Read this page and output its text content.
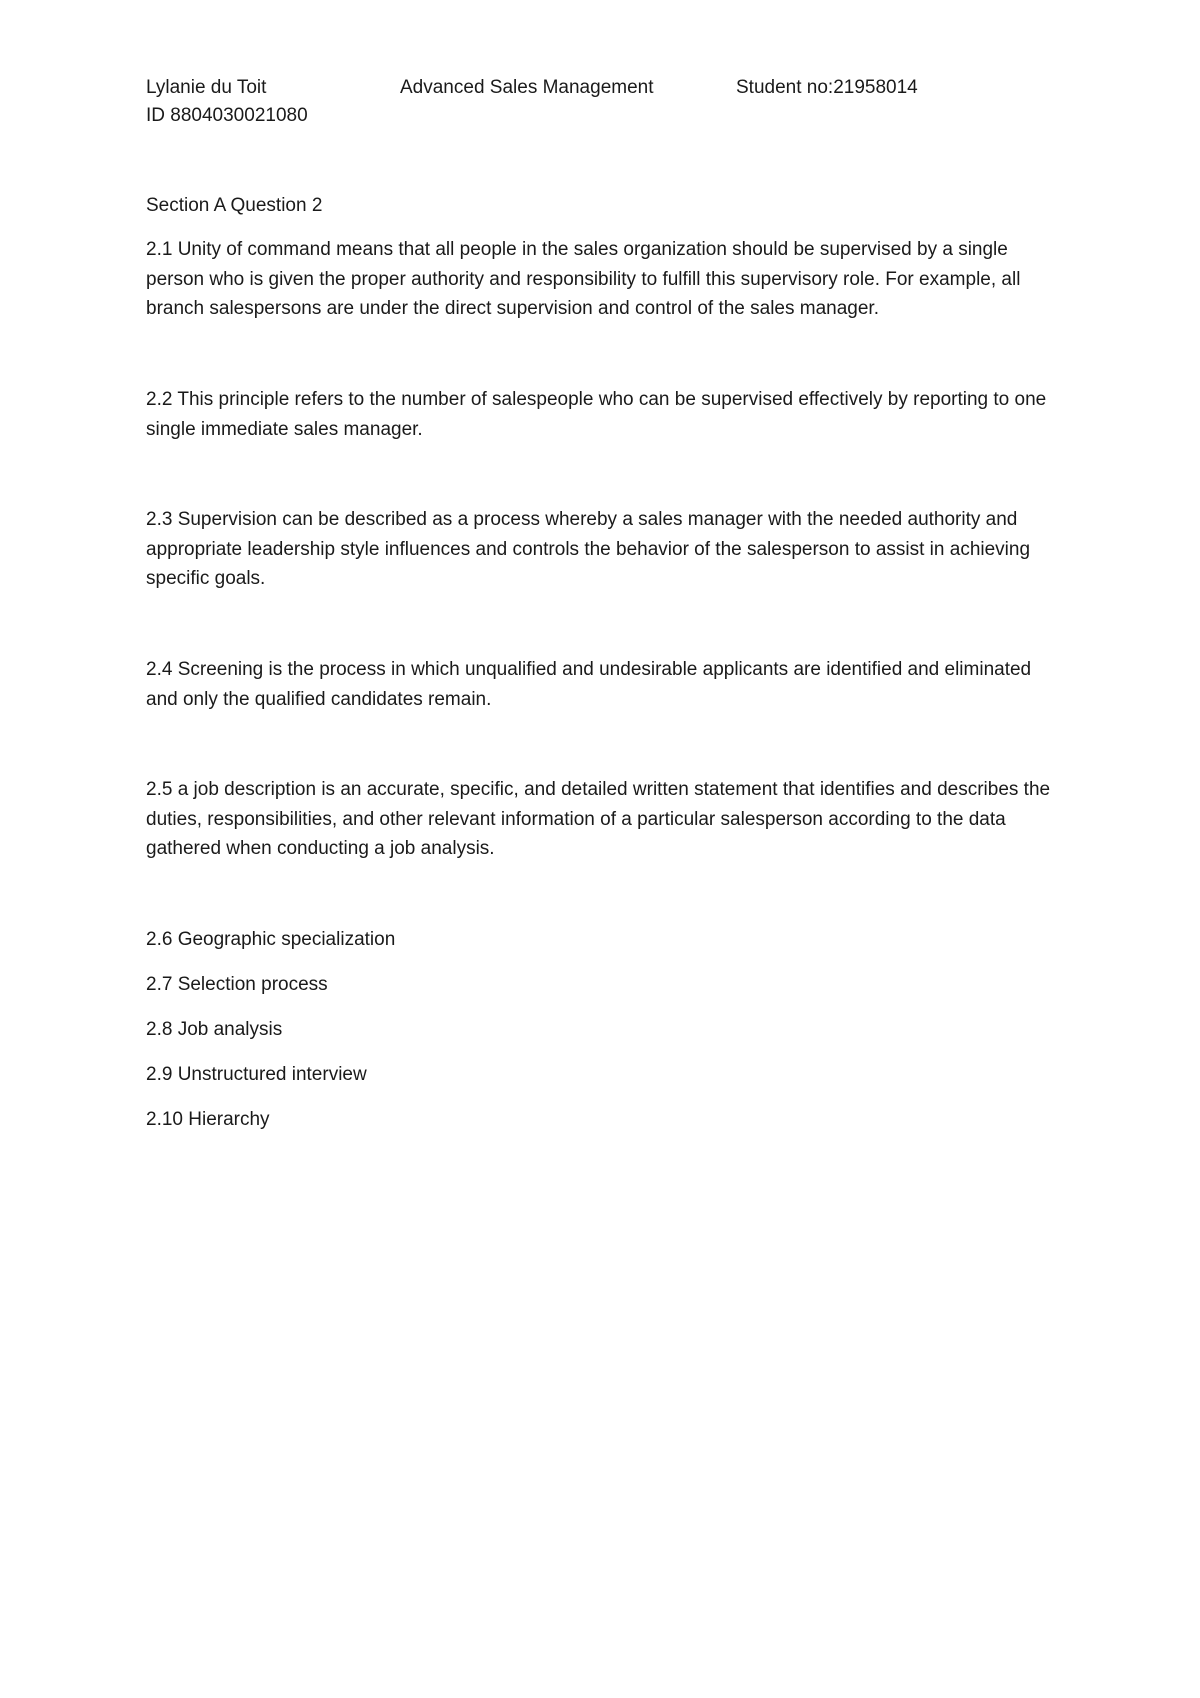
Lylanie du Toit	Advanced Sales Management	Student no:21958014
ID 8804030021080

Section A Question 2

2.1 Unity of command means that all people in the sales organization should be supervised by a single person who is given the proper authority and responsibility to fulfill this supervisory role. For example, all branch salespersons are under the direct supervision and control of the sales manager.

2.2 This principle refers to the number of salespeople who can be supervised effectively by reporting to one single immediate sales manager.

2.3 Supervision can be described as a process whereby a sales manager with the needed authority and appropriate leadership style influences and controls the behavior of the salesperson to assist in achieving specific goals.

2.4 Screening is the process in which unqualified and undesirable applicants are identified and eliminated and only the qualified candidates remain.

2.5 a job description is an accurate, specific, and detailed written statement that identifies and describes the duties, responsibilities, and other relevant information of a particular salesperson according to the data gathered when conducting a job analysis.

2.6 Geographic specialization

2.7 Selection process

2.8 Job analysis

2.9 Unstructured interview

2.10 Hierarchy
